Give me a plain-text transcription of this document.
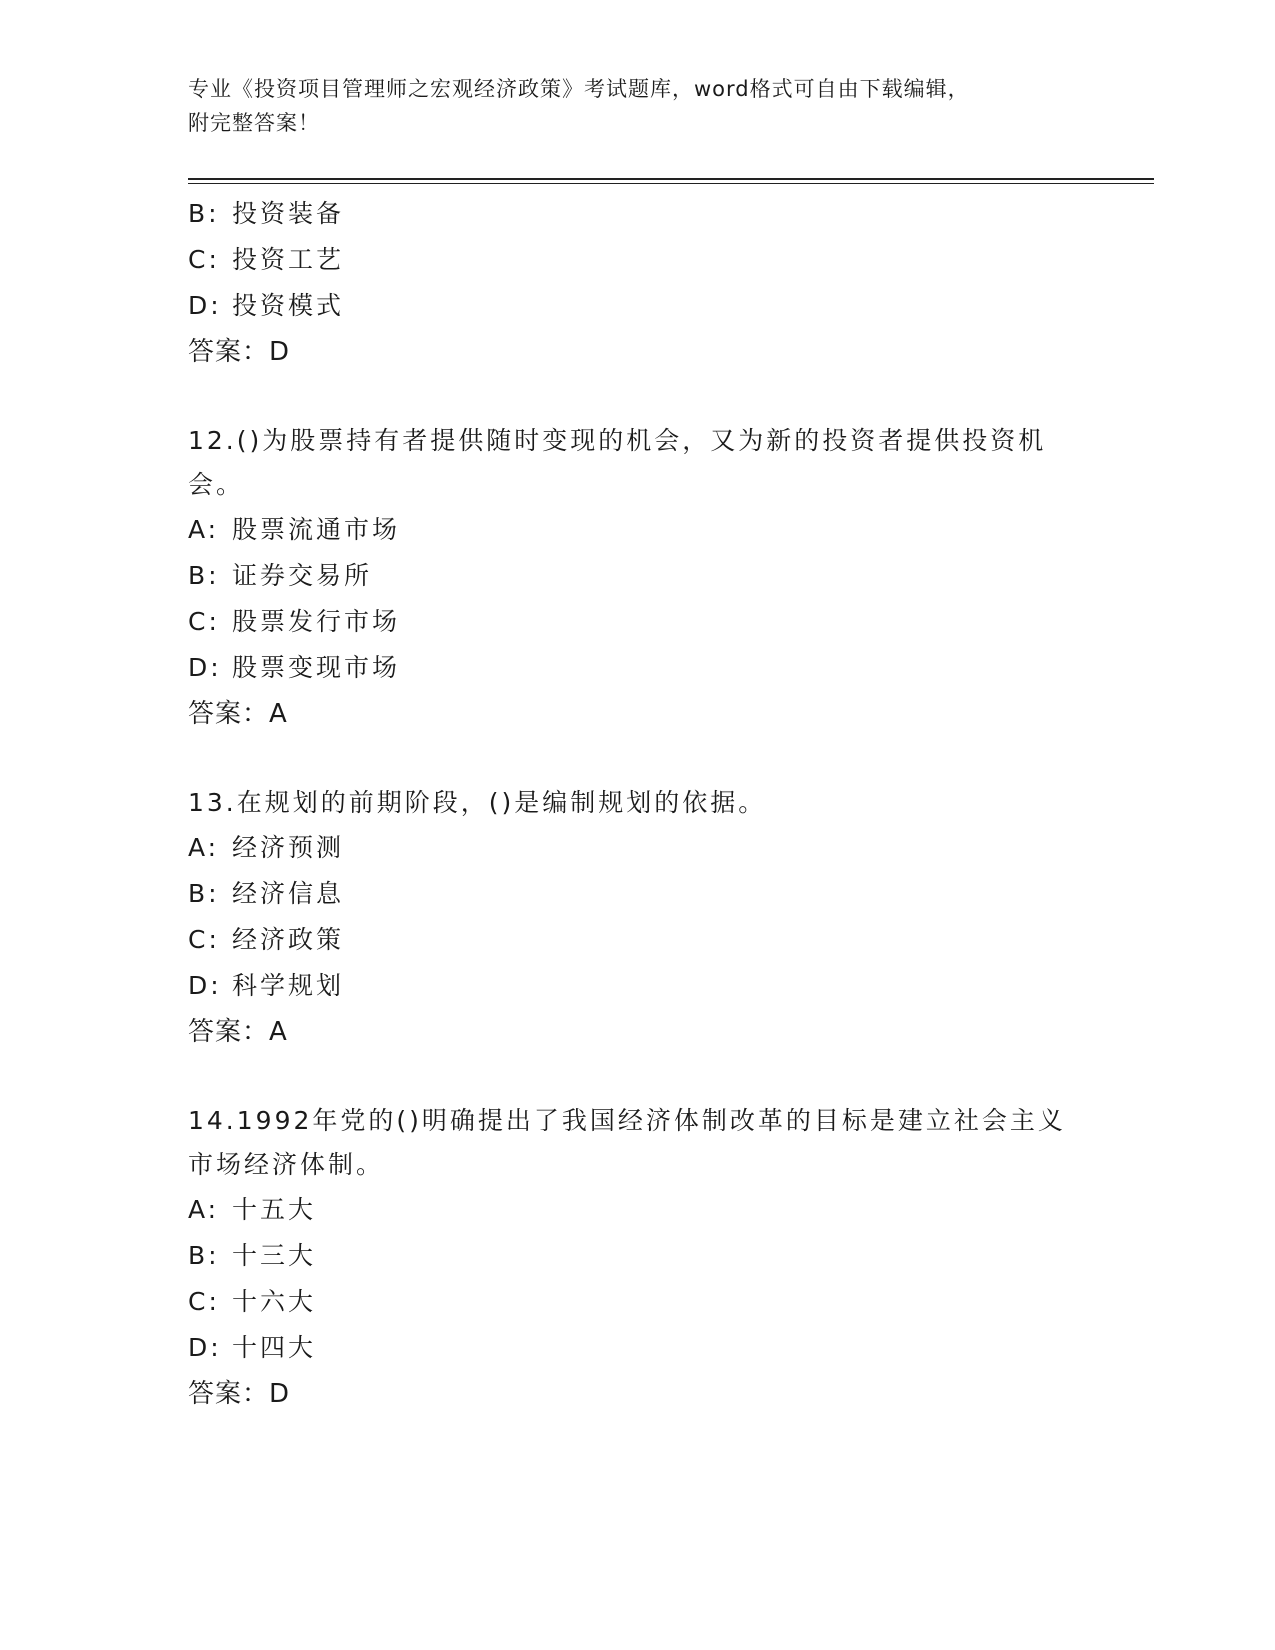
专业《投资项目管理师之宏观经济政策》考试题库，word格式可自由下载编辑，
附完整答案！
B: 投资装备
C: 投资工艺
D: 投资模式
答案：D
12.()为股票持有者提供随时变现的机会，又为新的投资者提供投资机
会。
A: 股票流通市场
B: 证券交易所
C: 股票发行市场
D: 股票变现市场
答案：A
13.在规划的前期阶段，()是编制规划的依据。
A: 经济预测
B: 经济信息
C: 经济政策
D: 科学规划
答案：A
14.1992年党的()明确提出了我国经济体制改革的目标是建立社会主义
市场经济体制。
A: 十五大
B: 十三大
C: 十六大
D: 十四大
答案：D
